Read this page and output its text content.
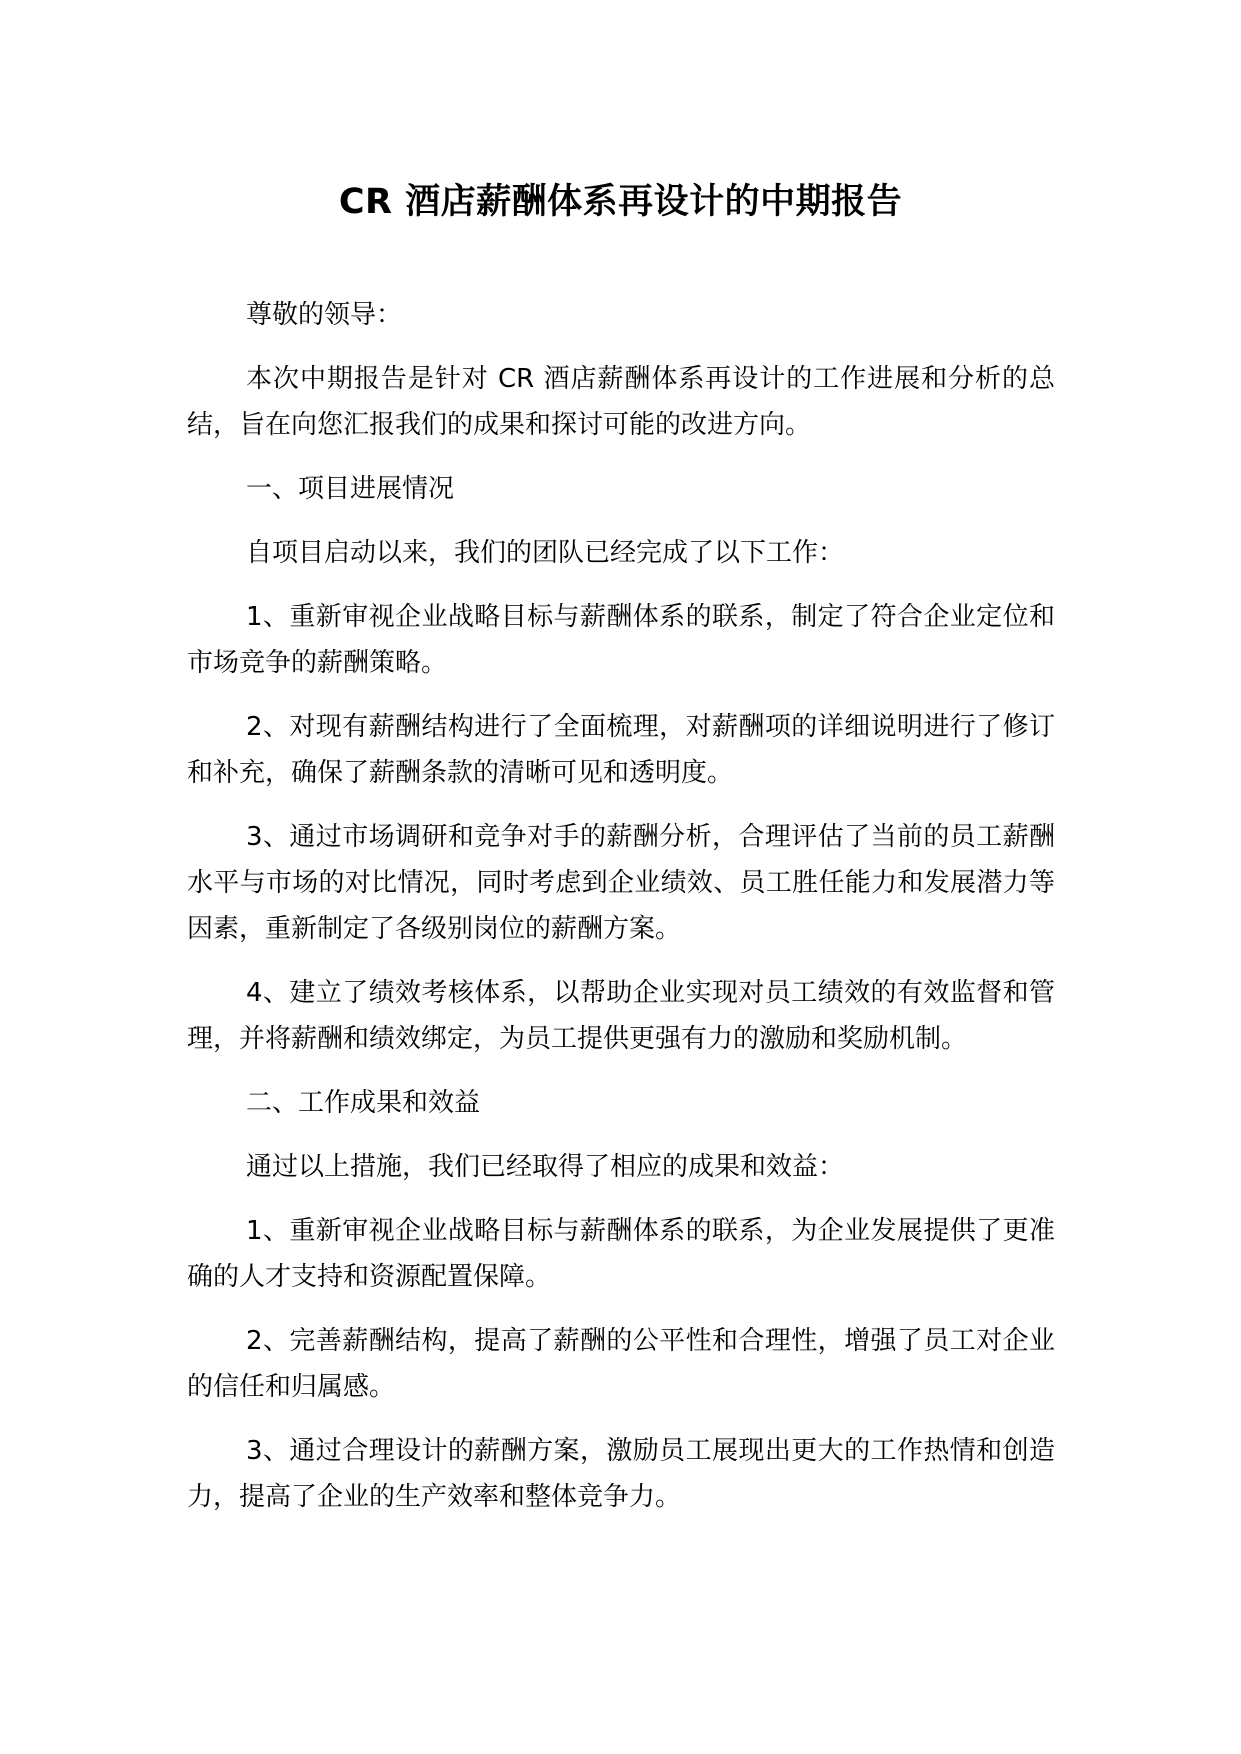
CR 酒店薪酬体系再设计的中期报告

尊敬的领导：

本次中期报告是针对 CR 酒店薪酬体系再设计的工作进展和分析的总结，旨在向您汇报我们的成果和探讨可能的改进方向。

一、项目进展情况

自项目启动以来，我们的团队已经完成了以下工作：

1、重新审视企业战略目标与薪酬体系的联系，制定了符合企业定位和市场竞争的薪酬策略。

2、对现有薪酬结构进行了全面梳理，对薪酬项的详细说明进行了修订和补充，确保了薪酬条款的清晰可见和透明度。

3、通过市场调研和竞争对手的薪酬分析，合理评估了当前的员工薪酬水平与市场的对比情况，同时考虑到企业绩效、员工胜任能力和发展潜力等因素，重新制定了各级别岗位的薪酬方案。

4、建立了绩效考核体系，以帮助企业实现对员工绩效的有效监督和管理，并将薪酬和绩效绑定，为员工提供更强有力的激励和奖励机制。

二、工作成果和效益

通过以上措施，我们已经取得了相应的成果和效益：

1、重新审视企业战略目标与薪酬体系的联系，为企业发展提供了更准确的人才支持和资源配置保障。

2、完善薪酬结构，提高了薪酬的公平性和合理性，增强了员工对企业的信任和归属感。

3、通过合理设计的薪酬方案，激励员工展现出更大的工作热情和创造力，提高了企业的生产效率和整体竞争力。
